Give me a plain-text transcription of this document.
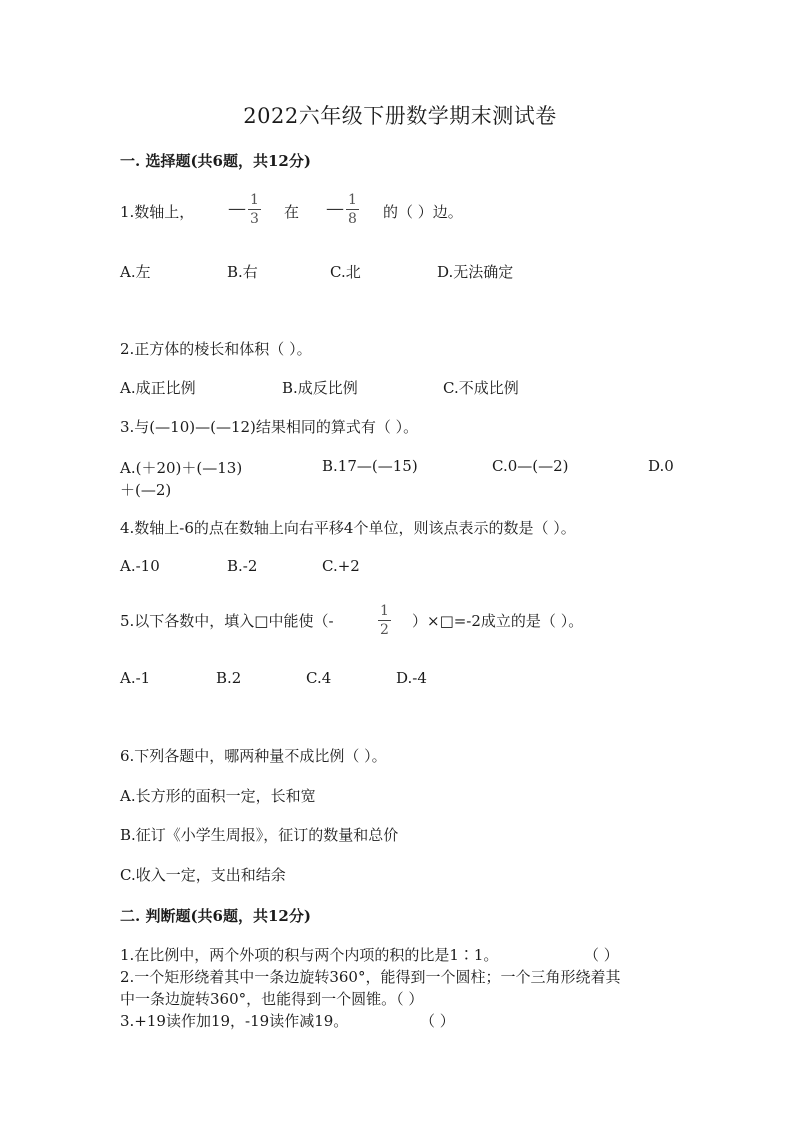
2022六年级下册数学期末测试卷
一. 选择题(共6题，共12分)
1.数轴上， — 1
3 在 — 1
8 的（ ）边。
A.左	B.右	C.北	D.无法确定
2.正方体的棱长和体积（ ）。
A.成正比例	B.成反比例	C.不成比例
3.与(—10)—(—12)结果相同的算式有（ ）。
A.(＋20)＋(—13)	B.17—(—15)	C.0—(—2)	D.0
＋(—2)
4.数轴上-6的点在数轴上向右平移4个单位，则该点表示的数是（ ）。
A.-10	B.-2	C.+2
5.以下各数中，填入□中能使（-
1
2 ）×□=-2成立的是（ ）。
A.-1	B.2	C.4	D.-4
6.下列各题中，哪两种量不成比例（ ）。
A.长方形的面积一定，长和宽
B.征订《小学生周报》，征订的数量和总价
C.收入一定，支出和结余
二. 判断题(共6题，共12分)
1.在比例中，两个外项的积与两个内项的积的比是1∶1。	（ ）
2.一个矩形绕着其中一条边旋转360°，能得到一个圆柱；一个三角形绕着其
中一条边旋转360°，也能得到一个圆锥。（ ）
3.+19读作加19，-19读作减19。	（ ）
